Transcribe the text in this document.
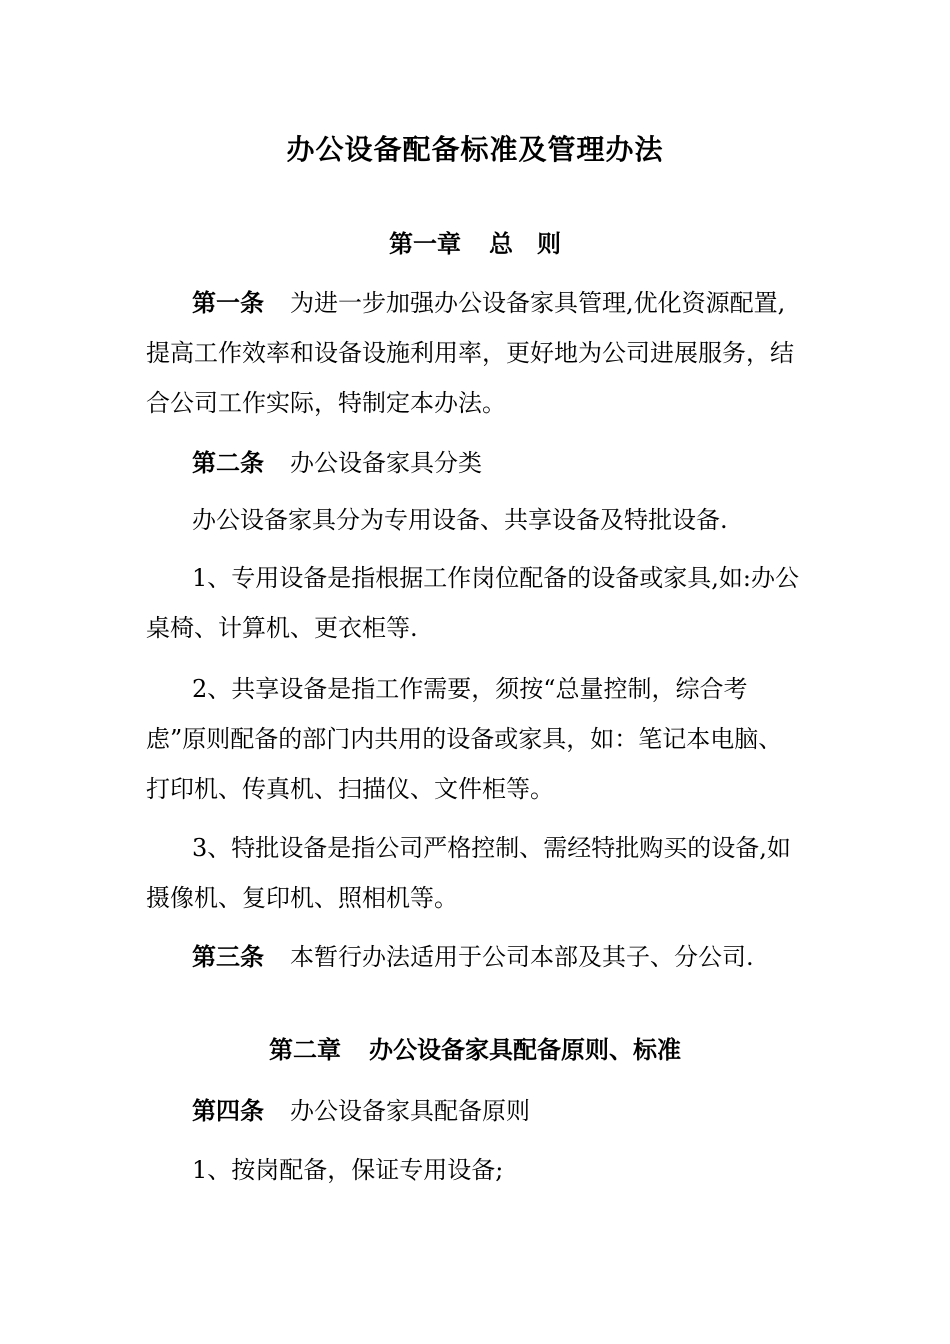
办公设备配备标准及管理办法
第一章 总　则

第一条 为进一步加强办公设备家具管理,优化资源配置,提高工作效率和设备设施利用率，更好地为公司进展服务，结合公司工作实际，特制定本办法。

第二条 办公设备家具分类

办公设备家具分为专用设备、共享设备及特批设备.

1、专用设备是指根据工作岗位配备的设备或家具,如:办公桌椅、计算机、更衣柜等.

2、共享设备是指工作需要，须按“总量控制，综合考虑”原则配备的部门内共用的设备或家具，如：笔记本电脑、打印机、传真机、扫描仪、文件柜等。

3、特批设备是指公司严格控制、需经特批购买的设备,如摄像机、复印机、照相机等。

第三条 本暂行办法适用于公司本部及其子、分公司.

第二章 办公设备家具配备原则、标准

第四条 办公设备家具配备原则

1、按岗配备，保证专用设备;
